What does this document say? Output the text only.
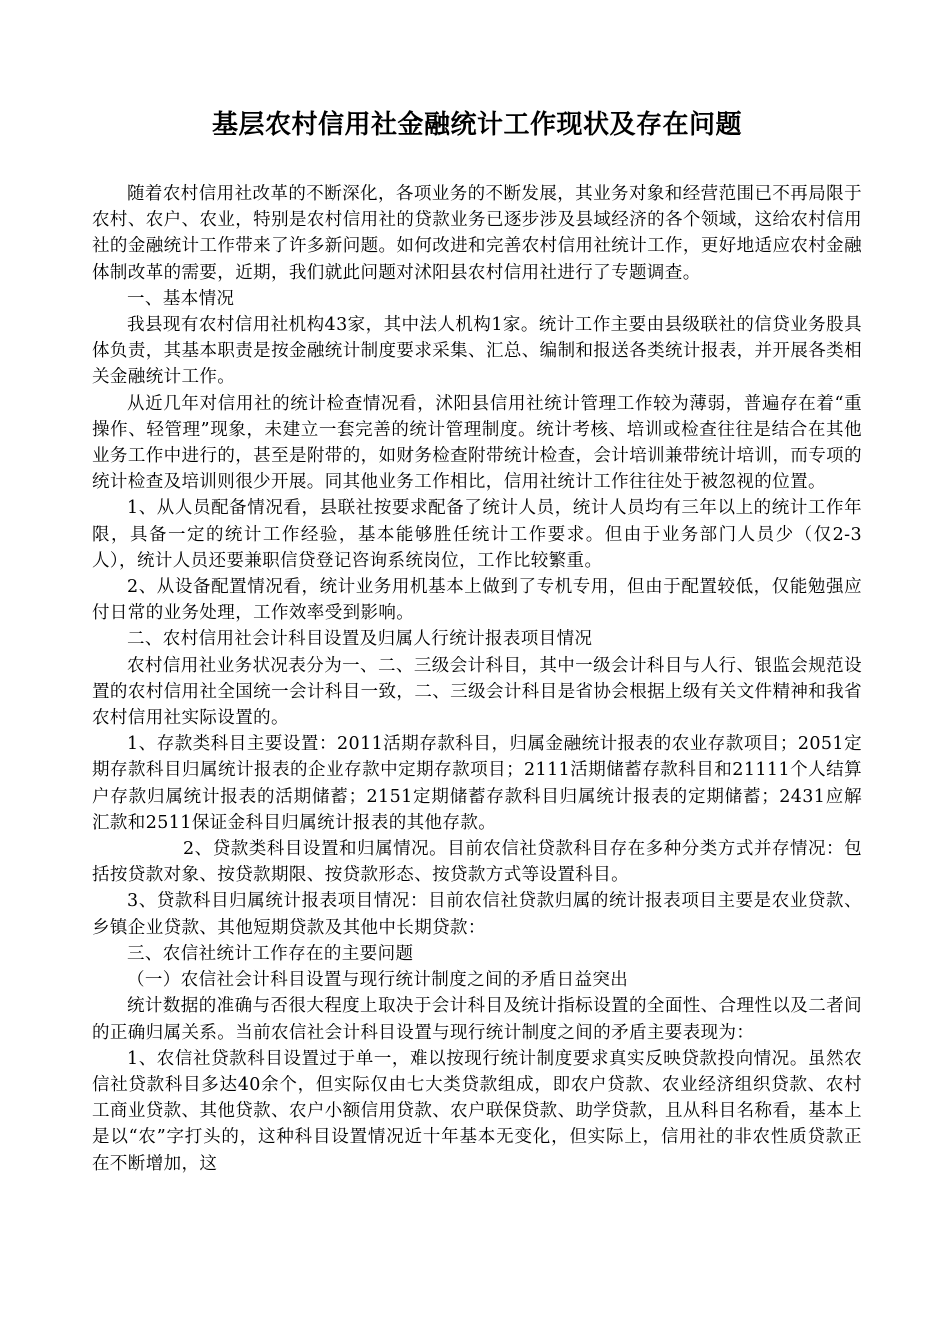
基层农村信用社金融统计工作现状及存在问题

随着农村信用社改革的不断深化，各项业务的不断发展，其业务对象和经营范围已不再局限于农村、农户、农业，特别是农村信用社的贷款业务已逐步涉及县域经济的各个领域，这给农村信用社的金融统计工作带来了许多新问题。如何改进和完善农村信用社统计工作，更好地适应农村金融体制改革的需要，近期，我们就此问题对沭阳县农村信用社进行了专题调查。

一、基本情况

我县现有农村信用社机构43家，其中法人机构1家。统计工作主要由县级联社的信贷业务股具体负责，其基本职责是按金融统计制度要求采集、汇总、编制和报送各类统计报表，并开展各类相关金融统计工作。

从近几年对信用社的统计检查情况看，沭阳县信用社统计管理工作较为薄弱，普遍存在着“重操作、轻管理”现象，未建立一套完善的统计管理制度。统计考核、培训或检查往往是结合在其他业务工作中进行的，甚至是附带的，如财务检查附带统计检查，会计培训兼带统计培训，而专项的统计检查及培训则很少开展。同其他业务工作相比，信用社统计工作往往处于被忽视的位置。

1、从人员配备情况看，县联社按要求配备了统计人员，统计人员均有三年以上的统计工作年限，具备一定的统计工作经验，基本能够胜任统计工作要求。但由于业务部门人员少（仅2-3人），统计人员还要兼职信贷登记咨询系统岗位，工作比较繁重。

2、从设备配置情况看，统计业务用机基本上做到了专机专用，但由于配置较低，仅能勉强应付日常的业务处理，工作效率受到影响。

二、农村信用社会计科目设置及归属人行统计报表项目情况

农村信用社业务状况表分为一、二、三级会计科目，其中一级会计科目与人行、银监会规范设置的农村信用社全国统一会计科目一致，二、三级会计科目是省协会根据上级有关文件精神和我省农村信用社实际设置的。

1、存款类科目主要设置：2011活期存款科目，归属金融统计报表的农业存款项目；2051定期存款科目归属统计报表的企业存款中定期存款项目；2111活期储蓄存款科目和21111个人结算户存款归属统计报表的活期储蓄；2151定期储蓄存款科目归属统计报表的定期储蓄；2431应解汇款和2511保证金科目归属统计报表的其他存款。

2、贷款类科目设置和归属情况。目前农信社贷款科目存在多种分类方式并存情况：包括按贷款对象、按贷款期限、按贷款形态、按贷款方式等设置科目。

3、贷款科目归属统计报表项目情况：目前农信社贷款归属的统计报表项目主要是农业贷款、乡镇企业贷款、其他短期贷款及其他中长期贷款：

三、农信社统计工作存在的主要问题

（一）农信社会计科目设置与现行统计制度之间的矛盾日益突出

统计数据的准确与否很大程度上取决于会计科目及统计指标设置的全面性、合理性以及二者间的正确归属关系。当前农信社会计科目设置与现行统计制度之间的矛盾主要表现为：

1、农信社贷款科目设置过于单一，难以按现行统计制度要求真实反映贷款投向情况。虽然农信社贷款科目多达40余个，但实际仅由七大类贷款组成，即农户贷款、农业经济组织贷款、农村工商业贷款、其他贷款、农户小额信用贷款、农户联保贷款、助学贷款，且从科目名称看，基本上是以“农”字打头的，这种科目设置情况近十年基本无变化，但实际上，信用社的非农性质贷款正在不断增加，这
